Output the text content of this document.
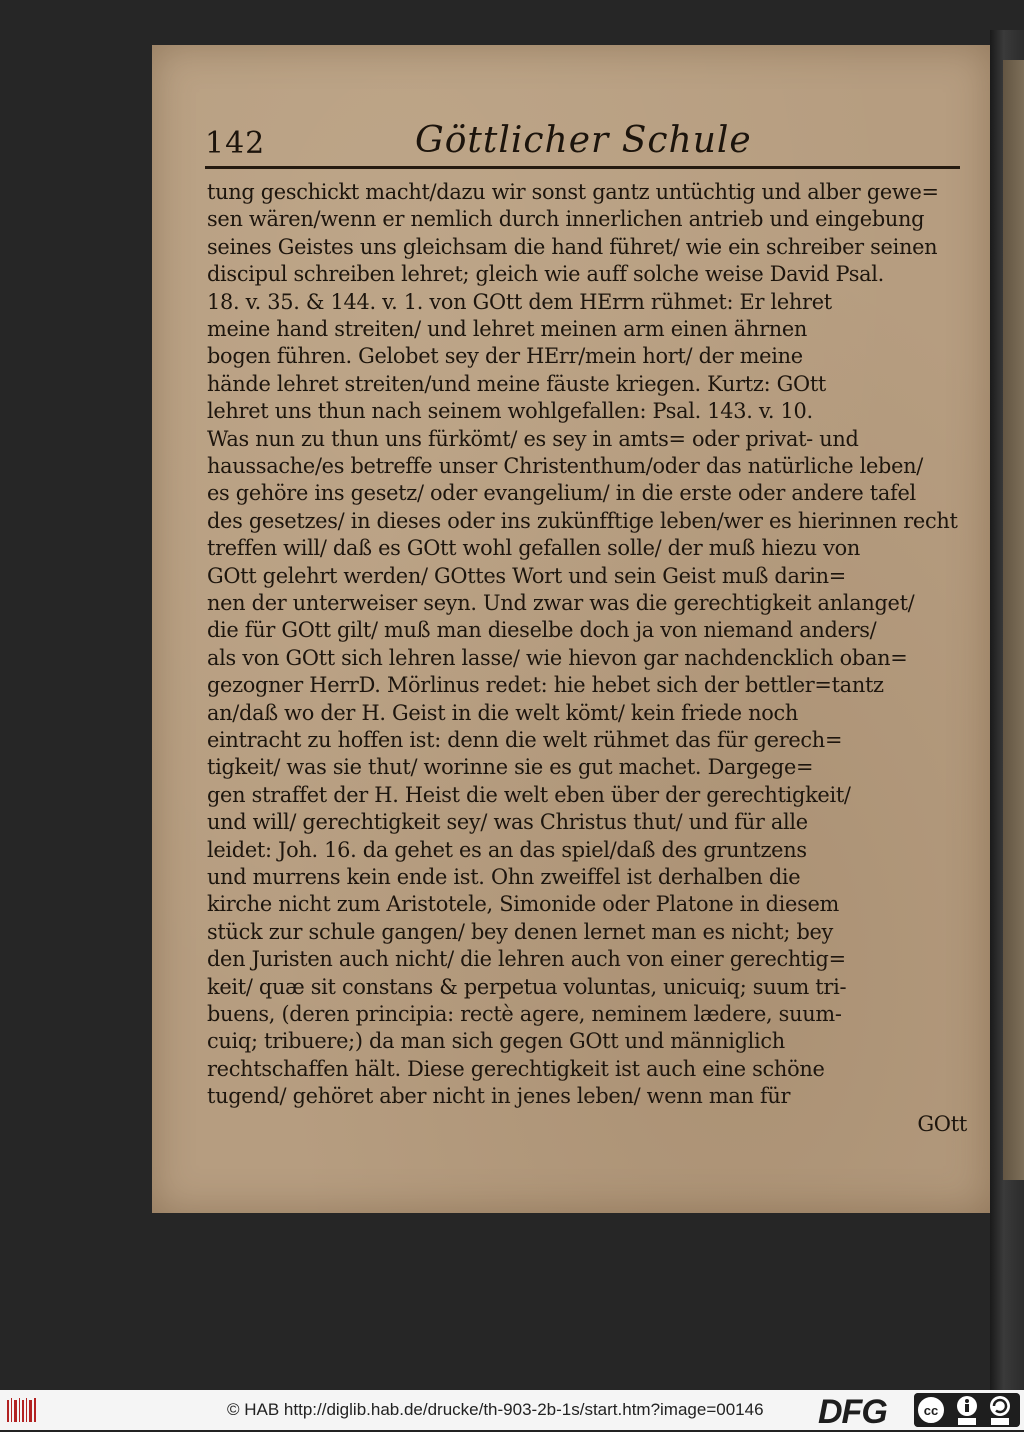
142	Göttlicher Schule
tung geschickt macht/dazu wir sonst gantz untüchtig und alber gewe=
sen wären/wenn er nemlich durch innerlichen antrieb und eingebung
seines Geistes uns gleichsam die hand führet/ wie ein schreiber seinen
discipul schreiben lehret; gleich wie auff solche weise David Psal.
18. v. 35. & 144. v. 1. von GOtt dem HErrn rühmet: Er lehret
meine hand streiten/ und lehret meinen arm einen ährnen
bogen führen. Gelobet sey der HErr/mein hort/ der meine
hände lehret streiten/und meine fäuste kriegen. Kurtz: GOtt
lehret uns thun nach seinem wohlgefallen: Psal. 143. v. 10.
Was nun zu thun uns fürkömt/ es sey in amts= oder privat- und
haussache/es betreffe unser Christenthum/oder das natürliche leben/
es gehöre ins gesetz/ oder evangelium/ in die erste oder andere tafel
des gesetzes/ in dieses oder ins zukünfftige leben/wer es hierinnen recht
treffen will/ daß es GOtt wohl gefallen solle/ der muß hiezu von
GOtt gelehrt werden/ GOttes Wort und sein Geist muß darin=
nen der unterweiser seyn. Und zwar was die gerechtigkeit anlanget/
die für GOtt gilt/ muß man dieselbe doch ja von niemand anders/
als von GOtt sich lehren lasse/ wie hievon gar nachdencklich oban=
gezogner HerrD. Mörlinus redet: hie hebet sich der bettler=tantz
an/daß wo der H. Geist in die welt kömt/ kein friede noch
eintracht zu hoffen ist: denn die welt rühmet das für gerech=
tigkeit/ was sie thut/ worinne sie es gut machet. Dargege=
gen straffet der H. Heist die welt eben über der gerechtigkeit/
und will/ gerechtigkeit sey/ was Christus thut/ und für alle
leidet: Joh. 16. da gehet es an das spiel/daß des gruntzens
und murrens kein ende ist. Ohn zweiffel ist derhalben die
kirche nicht zum Aristotele, Simonide oder Platone in diesem
stück zur schule gangen/ bey denen lernet man es nicht; bey
den Juristen auch nicht/ die lehren auch von einer gerechtig=
keit/ quæ sit constans & perpetua voluntas, unicuiq; suum tri-
buens, (deren principia: rectè agere, neminem lædere, suum-
cuiq; tribuere;) da man sich gegen GOtt und männiglich
rechtschaffen hält. Diese gerechtigkeit ist auch eine schöne
tugend/ gehöret aber nicht in jenes leben/ wenn man für
GOtt
© HAB http://diglib.hab.de/drucke/th-903-2b-1s/start.htm?image=00146 DFG	cc
